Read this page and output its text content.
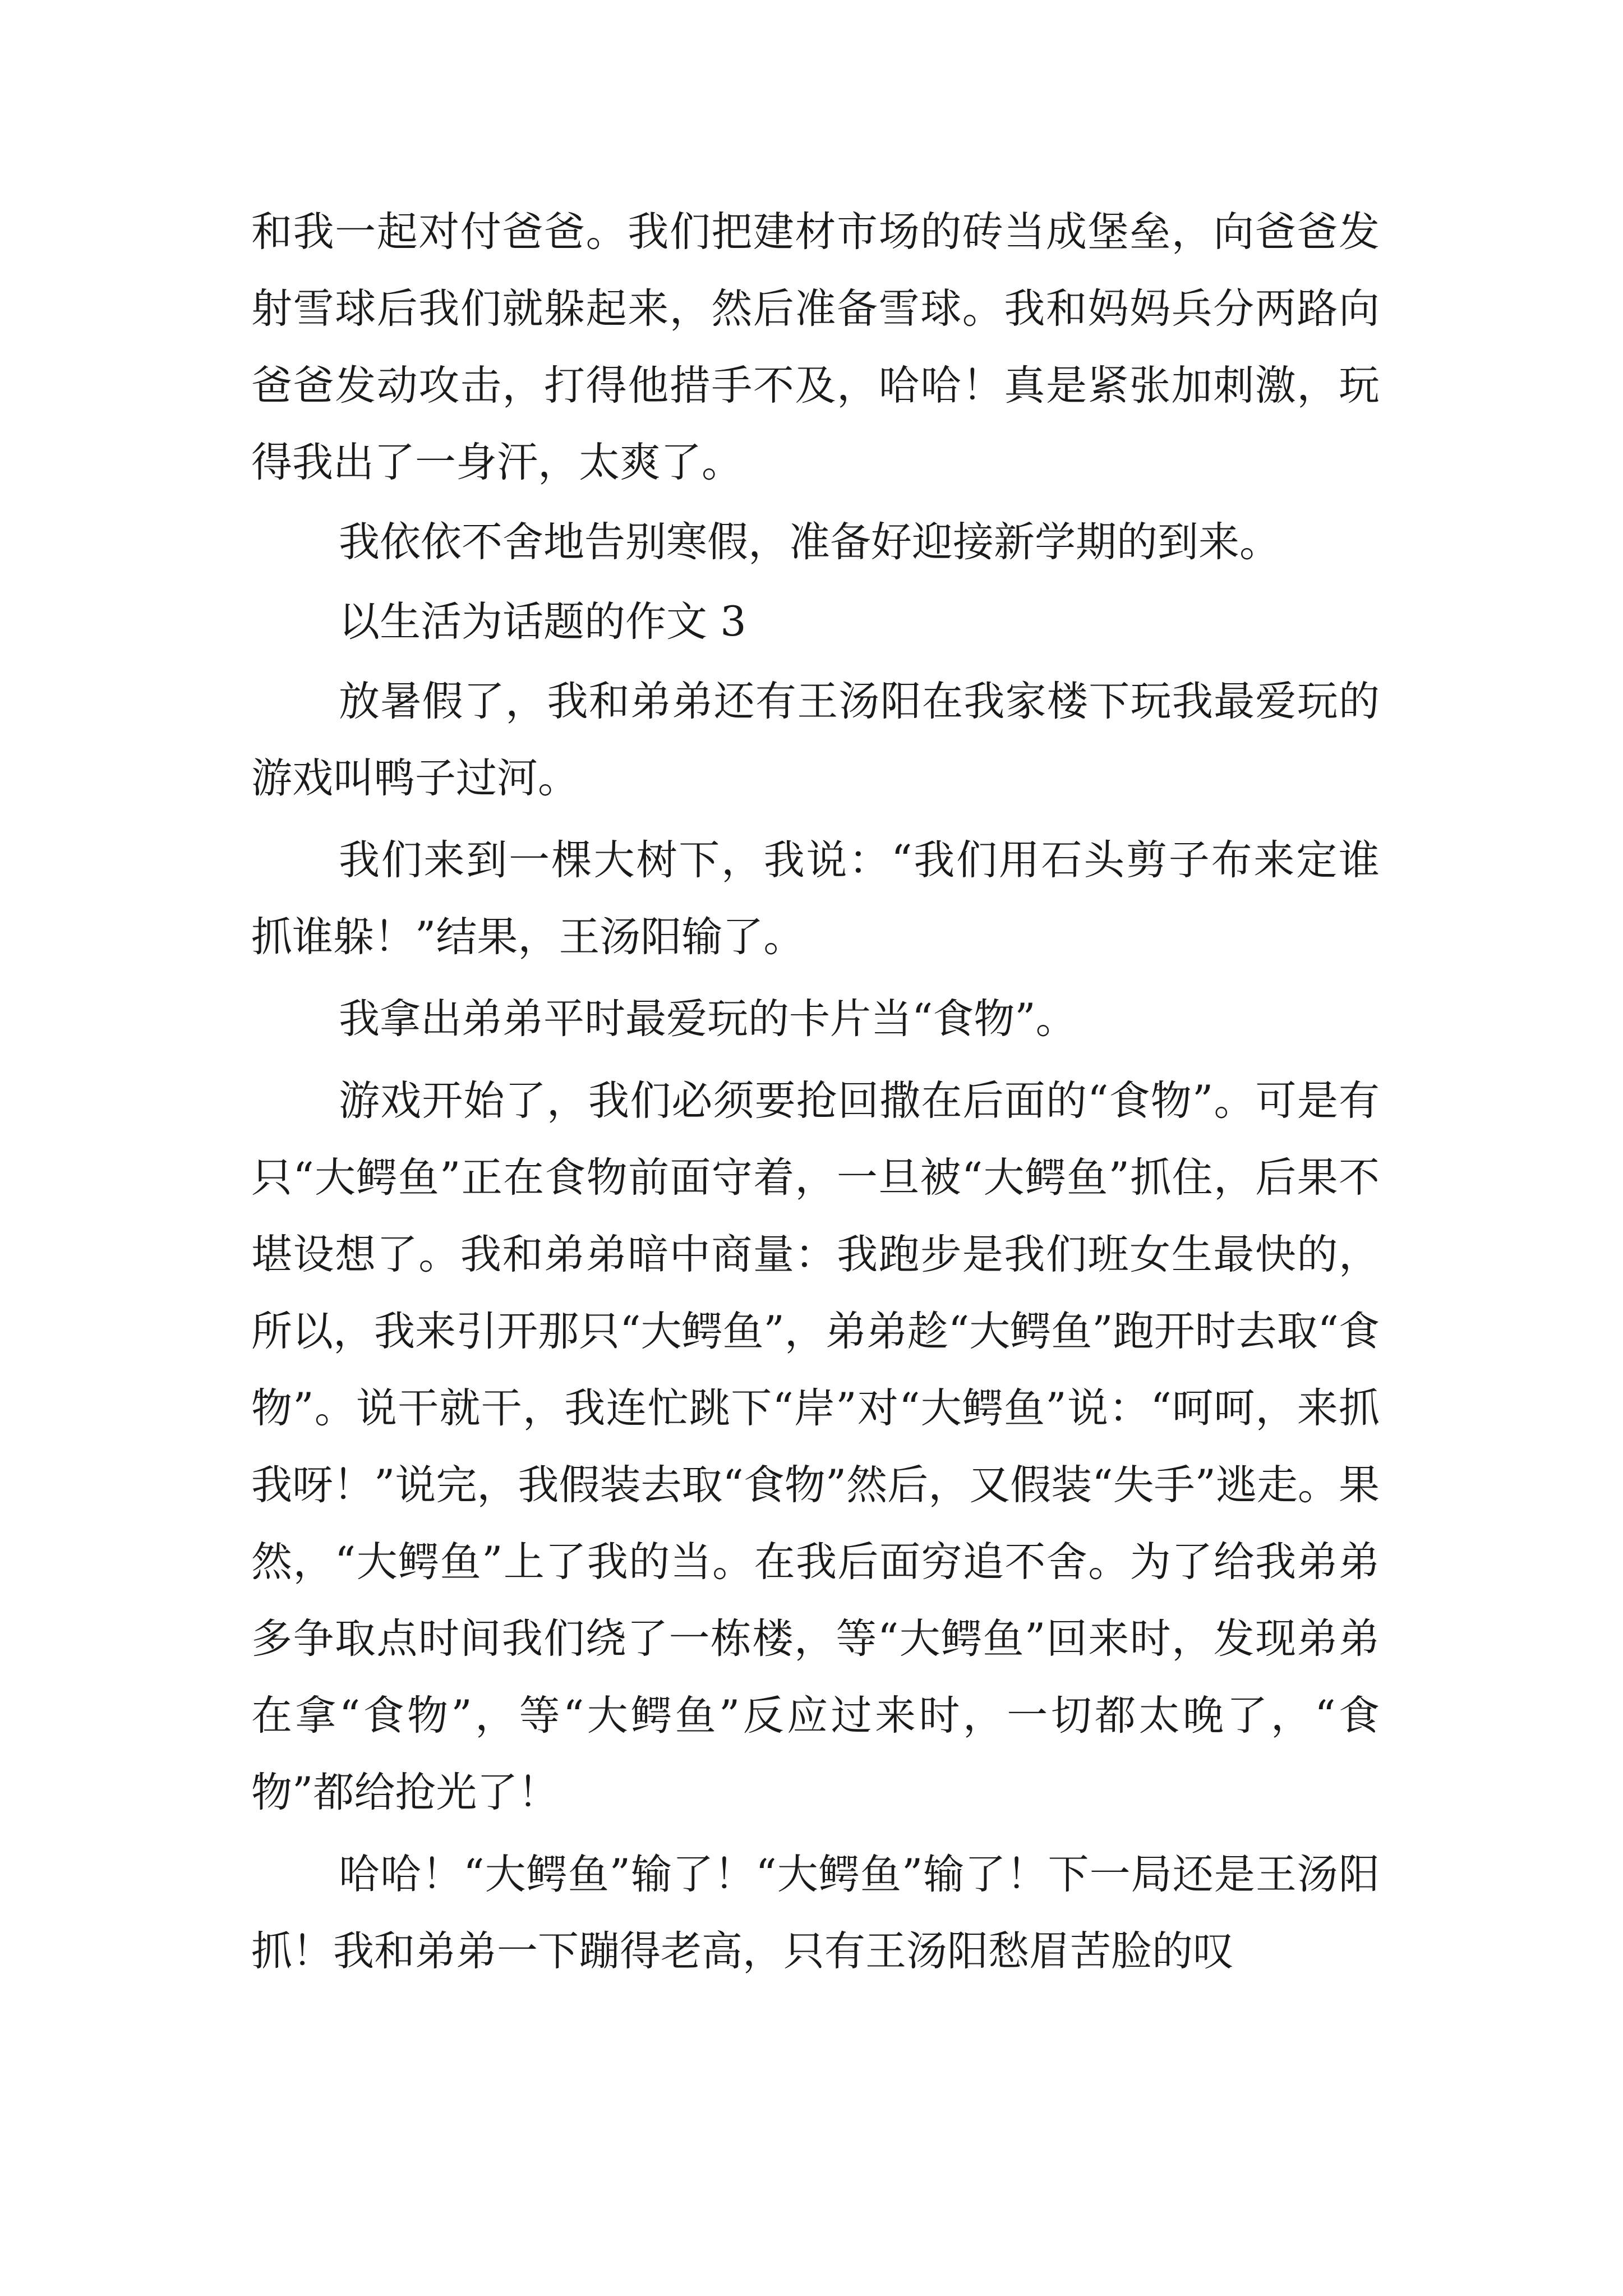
和我一起对付爸爸。我们把建材市场的砖当成堡垒，向爸爸发射雪球后我们就躲起来，然后准备雪球。我和妈妈兵分两路向爸爸发动攻击，打得他措手不及，哈哈！真是紧张加刺激，玩得我出了一身汗，太爽了。

我依依不舍地告别寒假，准备好迎接新学期的到来。

以生活为话题的作文 3

放暑假了，我和弟弟还有王汤阳在我家楼下玩我最爱玩的游戏叫鸭子过河。

我们来到一棵大树下，我说：“我们用石头剪子布来定谁抓谁躲！”结果，王汤阳输了。

我拿出弟弟平时最爱玩的卡片当“食物”。

游戏开始了，我们必须要抢回撒在后面的“食物”。可是有只“大鳄鱼”正在食物前面守着，一旦被“大鳄鱼”抓住，后果不堪设想了。我和弟弟暗中商量：我跑步是我们班女生最快的，所以，我来引开那只“大鳄鱼”，弟弟趁“大鳄鱼”跑开时去取“食物”。说干就干，我连忙跳下“岸”对“大鳄鱼”说：“呵呵，来抓我呀！”说完，我假装去取“食物”然后，又假装“失手”逃走。果然，“大鳄鱼”上了我的当。在我后面穷追不舍。为了给我弟弟多争取点时间我们绕了一栋楼，等“大鳄鱼”回来时，发现弟弟在拿“食物”，等“大鳄鱼”反应过来时，一切都太晚了，“食物”都给抢光了！

哈哈！“大鳄鱼”输了！“大鳄鱼”输了！下一局还是王汤阳抓！我和弟弟一下蹦得老高，只有王汤阳愁眉苦脸的叹
